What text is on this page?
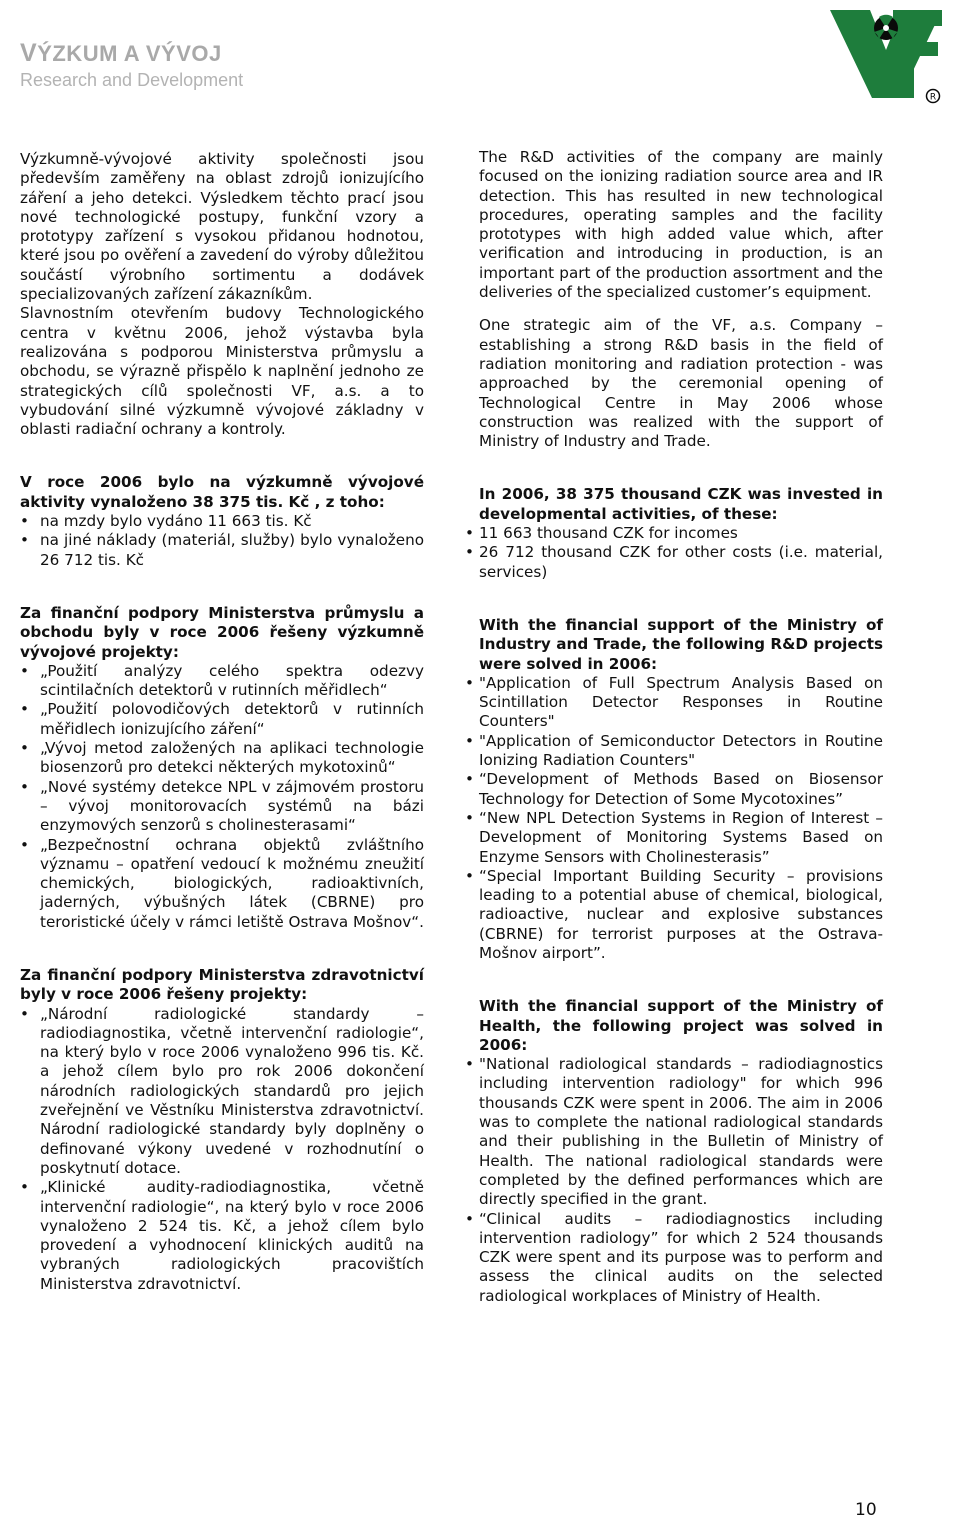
VÝZKUM A VÝVOJ
Research and Development
R

Výzkumně-vývojové aktivity společnosti jsou především zaměřeny na oblast zdrojů ionizujícího záření a jeho detekci. Výsledkem těchto prací jsou nové technologické postupy, funkční vzory a prototypy zařízení s vysokou přidanou hodnotou, které jsou po ověření a zavedení do výroby důležitou součástí výrobního sortimentu a dodávek specializovaných zařízení zákazníkům.

Slavnostním otevřením budovy Technologického centra v květnu 2006, jehož výstavba byla realizována s podporou Ministerstva průmyslu a obchodu, se výrazně přispělo k naplnění jednoho ze strategických cílů společnosti VF, a.s. a to vybudování silné výzkumně vývojové základny v oblasti radiační ochrany a kontroly.

V roce 2006 bylo na výzkumně vývojové aktivity vynaloženo 38 375 tis. Kč , z toho:
• na mzdy bylo vydáno 11 663 tis. Kč
• na jiné náklady (materiál, služby) bylo vynaloženo 26 712 tis. Kč
Za finanční podpory Ministerstva průmyslu a obchodu byly v roce 2006 řešeny výzkumně vývojové projekty:
• „Použití analýzy celého spektra odezvy scintilačních detektorů v rutinních měřidlech“
• „Použití polovodičových detektorů v rutinních měřidlech ionizujícího záření“
• „Vývoj metod založených na aplikaci technologie biosenzorů pro detekci některých mykotoxinů“
• „Nové systémy detekce NPL v zájmovém prostoru – vývoj monitorovacích systémů na bázi enzymových senzorů s cholinesterasami“
• „Bezpečnostní ochrana objektů zvláštního významu – opatření vedoucí k možnému zneužití chemických, biologických, radioaktivních, jaderných, výbušných látek (CBRNE) pro teroristické účely v rámci letiště Ostrava Mošnov“.
Za finanční podpory Ministerstva zdravotnictví byly v roce 2006 řešeny projekty:
• „Národní radiologické standardy – radiodiagnostika, včetně intervenční radiologie“, na který bylo v roce 2006 vynaloženo 996 tis. Kč. a jehož cílem bylo pro rok 2006 dokončení národních radiologických standardů pro jejich zveřejnění ve Věstníku Ministerstva zdravotnictví. Národní radiologické standardy byly doplněny o definované výkony uvedené v rozhodnutíní o poskytnutí dotace.
• „Klinické audity-radiodiagnostika, včetně intervenční radiologie“, na který bylo v roce 2006 vynaloženo 2 524 tis. Kč, a jehož cílem bylo provedení a vyhodnocení klinických auditů na vybraných radiologických pracovištích Ministerstva zdravotnictví.

The R&D activities of the company are mainly focused on the ionizing radiation source area and IR detection. This has resulted in new technological procedures, operating samples and the facility prototypes with high added value which, after verification and introducing in production, is an important part of the production assortment and the deliveries of the specialized customer’s equipment.

One strategic aim of the VF, a.s. Company – establishing a strong R&D basis in the field of radiation monitoring and radiation protection - was approached by the ceremonial opening of Technological Centre in May 2006 whose construction was realized with the support of Ministry of Industry and Trade.

In 2006, 38 375 thousand CZK was invested in developmental activities, of these:
• 11 663 thousand CZK for incomes
• 26 712 thousand CZK for other costs (i.e. material, services)
With the financial support of the Ministry of Industry and Trade, the following R&D projects were solved in 2006:
• "Application of Full Spectrum Analysis Based on Scintillation Detector Responses in Routine Counters"
• "Application of Semiconductor Detectors in Routine Ionizing Radiation Counters"
• “Development of Methods Based on Biosensor Technology for Detection of Some Mycotoxines”
• “New NPL Detection Systems in Region of Interest – Development of Monitoring Systems Based on Enzyme Sensors with Cholinesterasis”
• “Special Important Building Security – provisions leading to a potential abuse of chemical, biological, radioactive, nuclear and explosive substances (CBRNE) for terrorist purposes at the Ostrava-Mošnov airport”.
With the financial support of the Ministry of Health, the following project was solved in 2006:
• "National radiological standards – radiodiagnostics including intervention radiology" for which 996 thousands CZK were spent in 2006. The aim in 2006 was to complete the national radiological standards and their publishing in the Bulletin of Ministry of Health. The national radiological standards were completed by the defined performances which are directly specified in the grant.
• “Clinical audits – radiodiagnostics including intervention radiology” for which 2 524 thousands CZK were spent and its purpose was to perform and assess the clinical audits on the selected radiological workplaces of Ministry of Health.
10
